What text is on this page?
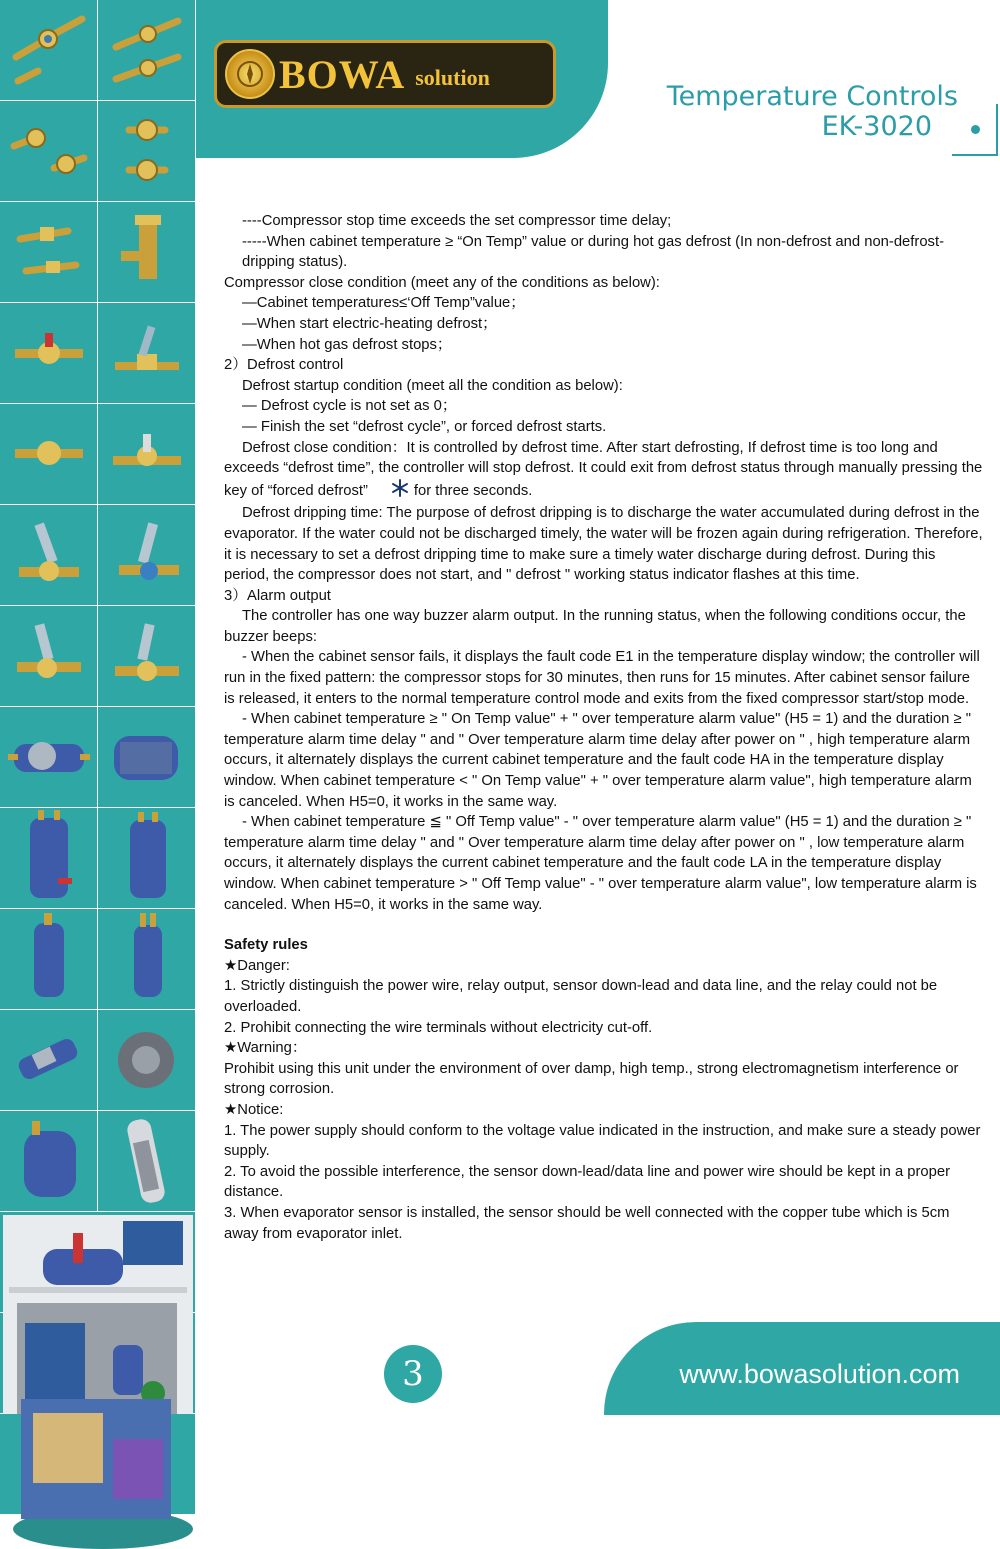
BOWA solution
Temperature Controls
EK-3020

----Compressor stop time exceeds the set compressor time delay;

-----When cabinet temperature ≥ “On Temp” value or during hot gas defrost (In non-defrost and non-defrost-dripping status).

Compressor close condition (meet any of the conditions as below):

—Cabinet temperatures≤‘Off Temp”value；

—When start electric-heating defrost；

—When hot gas defrost stops；

2）Defrost control

Defrost startup condition (meet all the condition as below):

— Defrost cycle is not set as 0；

— Finish the set “defrost cycle”, or forced defrost starts.

Defrost close condition：It is controlled by defrost time. After start defrosting, If defrost time is too long and exceeds “defrost time”, the controller will stop defrost. It could exit from defrost status through manually pressing the key of “forced defrost”	for three seconds.

Defrost dripping time: The purpose of defrost dripping is to discharge the water accumulated during defrost in the evaporator. If the water could not be discharged timely, the water will be frozen again during refrigeration. Therefore, it is necessary to set a defrost dripping time to make sure a timely water discharge during defrost. During this period, the compressor does not start, and " defrost " working status indicator flashes at this time.

3）Alarm output

The controller has one way buzzer alarm output. In the running status, when the following conditions occur, the buzzer beeps:

- When the cabinet sensor fails, it displays the fault code E1 in the temperature display window; the controller will run in the fixed pattern: the compressor stops for 30 minutes, then runs for 15 minutes. After cabinet sensor failure is released, it enters to the normal temperature control mode and exits from the fixed compressor start/stop mode.

- When cabinet temperature ≥ " On Temp value" + " over temperature alarm value" (H5 = 1) and the duration ≥ " temperature alarm time delay " and " Over temperature alarm time delay after power on " , high temperature alarm occurs, it alternately displays the current cabinet temperature and the fault code HA in the temperature display window. When cabinet temperature < " On Temp value" + " over temperature alarm value", high temperature alarm is canceled. When H5=0, it works in the same way.

- When cabinet temperature ≦ " Off Temp value" - " over temperature alarm value" (H5 = 1) and the duration ≥ " temperature alarm time delay " and " Over temperature alarm time delay after power on " , low temperature alarm occurs, it alternately displays the current cabinet temperature and the fault code LA in the temperature display window. When cabinet temperature > " Off Temp value" - " over temperature alarm value", low temperature alarm is canceled. When H5=0, it works in the same way.

Safety rules

★Danger:

1. Strictly distinguish the power wire, relay output, sensor down-lead and data line, and the relay could not be overloaded.

2. Prohibit connecting the wire terminals without electricity cut-off.

★Warning：

Prohibit using this unit under the environment of over damp, high temp., strong electromagnetism interference or strong corrosion.

★Notice:

1. The power supply should conform to the voltage value indicated in the instruction, and make sure a steady power supply.

2. To avoid the possible interference, the sensor down-lead/data line and power wire should be kept in a proper distance.

3. When evaporator sensor is installed, the sensor should be well connected with the copper tube which is 5cm away from evaporator inlet.

3	www.bowasolution.com
